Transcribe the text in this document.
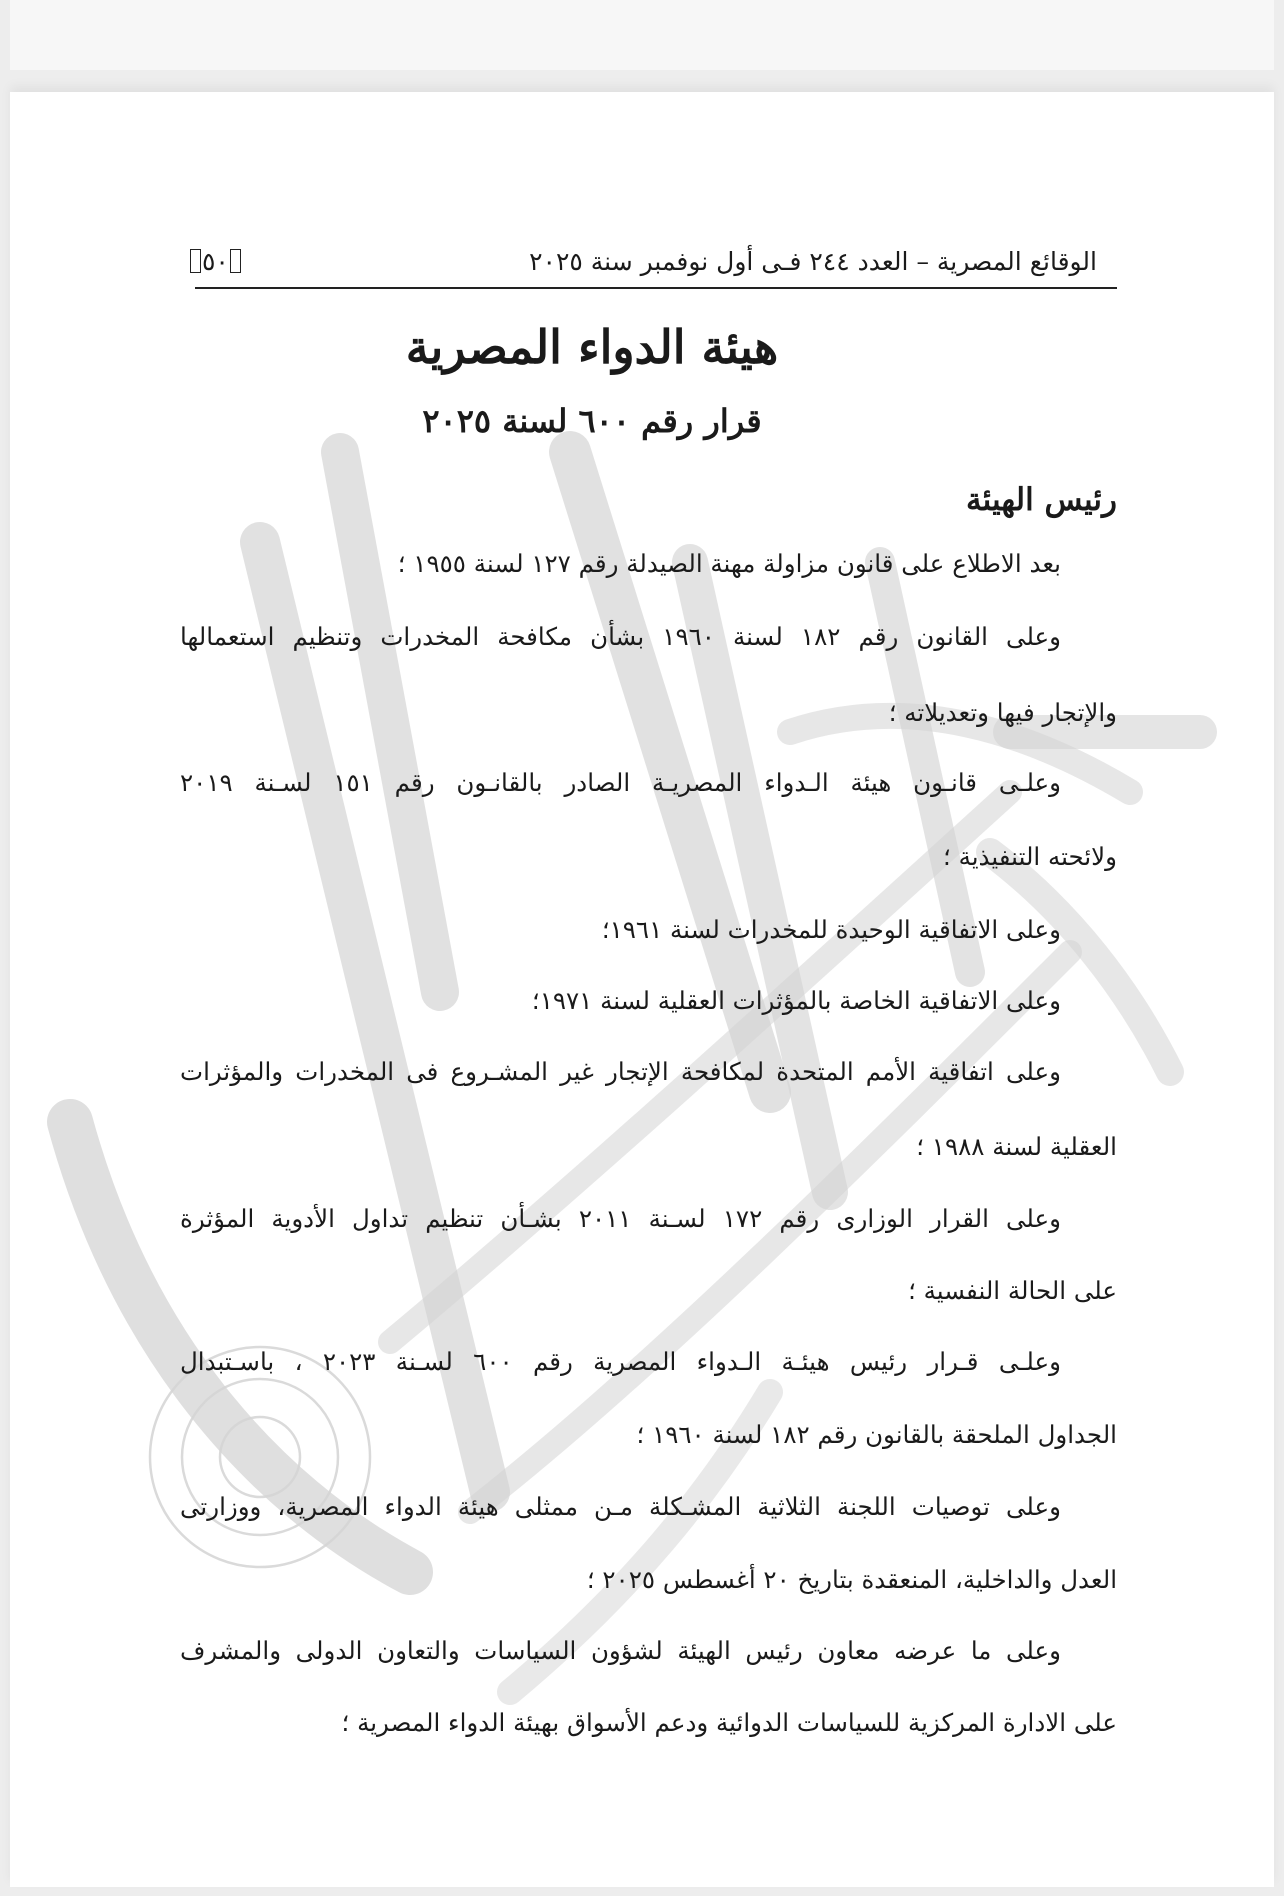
الوقائع المصرية – العدد ٢٤٤ فـى أول نوفمبر سنة ٢٠٢٥
٥٠
هيئة الدواء المصرية
قرار رقم ٦٠٠ لسنة ٢٠٢٥
رئيس الهيئة
بعد الاطلاع على قانون مزاولة مهنة الصيدلة رقم ١٢٧ لسنة ١٩٥٥ ؛
وعلى القانون رقم ١٨٢ لسنة ١٩٦٠ بشأن مكافحة المخدرات وتنظيم استعمالها
والإتجار فيها وتعديلاته ؛
وعلـى قانـون هيئة الـدواء المصريـة الصادر بالقانـون رقم ١٥١ لسـنة ٢٠١٩
ولائحته التنفيذية ؛
وعلى الاتفاقية الوحيدة للمخدرات لسنة ١٩٦١؛
وعلى الاتفاقية الخاصة بالمؤثرات العقلية لسنة ١٩٧١؛
وعلى اتفاقية الأمم المتحدة لمكافحة الإتجار غير المشـروع فى المخدرات والمؤثرات
العقلية لسنة ١٩٨٨ ؛
وعلى القرار الوزارى رقم ١٧٢ لسـنة ٢٠١١ بشـأن تنظيم تداول الأدوية المؤثرة
على الحالة النفسية ؛
وعلـى قـرار رئيس هيئـة الـدواء المصرية رقم ٦٠٠ لسـنة ٢٠٢٣ ، باسـتبدال
الجداول الملحقة بالقانون رقم ١٨٢ لسنة ١٩٦٠ ؛
وعلى توصيات اللجنة الثلاثية المشـكلة مـن ممثلى هيئة الدواء المصرية، ووزارتى
العدل والداخلية، المنعقدة بتاريخ ٢٠ أغسطس ٢٠٢٥ ؛
وعلى ما عرضه معاون رئيس الهيئة لشؤون السياسات والتعاون الدولى والمشرف
على الادارة المركزية للسياسات الدوائية ودعم الأسواق بهيئة الدواء المصرية ؛
